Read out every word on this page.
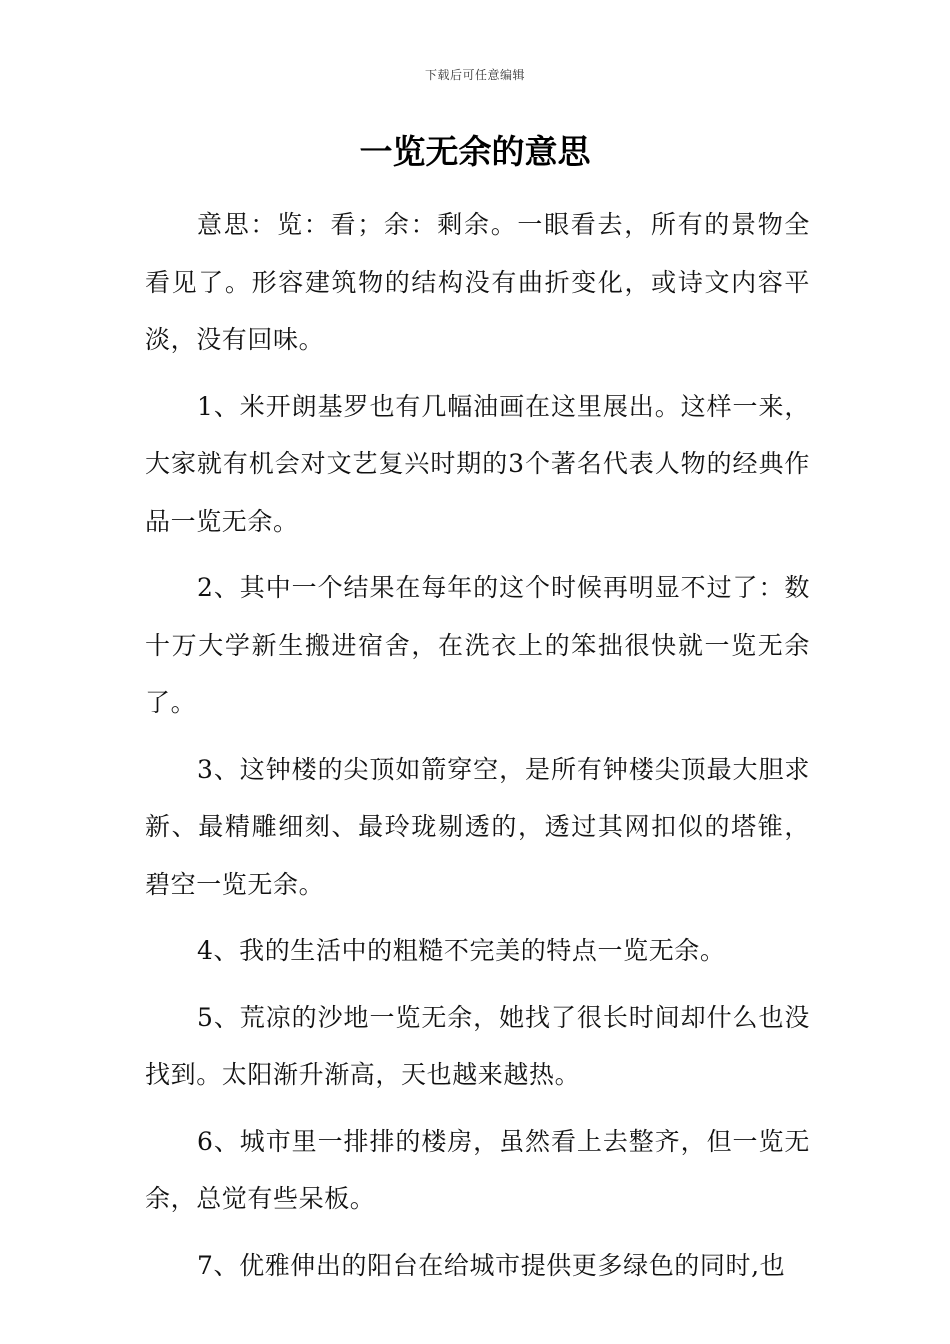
下载后可任意编辑
一览无余的意思

意思：览：看；余：剩余。一眼看去，所有的景物全看见了。形容建筑物的结构没有曲折变化，或诗文内容平淡，没有回味。

1、米开朗基罗也有几幅油画在这里展出。这样一来，大家就有机会对文艺复兴时期的3个著名代表人物的经典作品一览无余。

2、其中一个结果在每年的这个时候再明显不过了：数十万大学新生搬进宿舍，在洗衣上的笨拙很快就一览无余了。

3、这钟楼的尖顶如箭穿空，是所有钟楼尖顶最大胆求新、最精雕细刻、最玲珑剔透的，透过其网扣似的塔锥，碧空一览无余。

4、我的生活中的粗糙不完美的特点一览无余。

5、荒凉的沙地一览无余，她找了很长时间却什么也没找到。太阳渐升渐高，天也越来越热。

6、城市里一排排的楼房，虽然看上去整齐，但一览无余，总觉有些呆板。

7、优雅伸出的阳台在给城市提供更多绿色的同时,也
